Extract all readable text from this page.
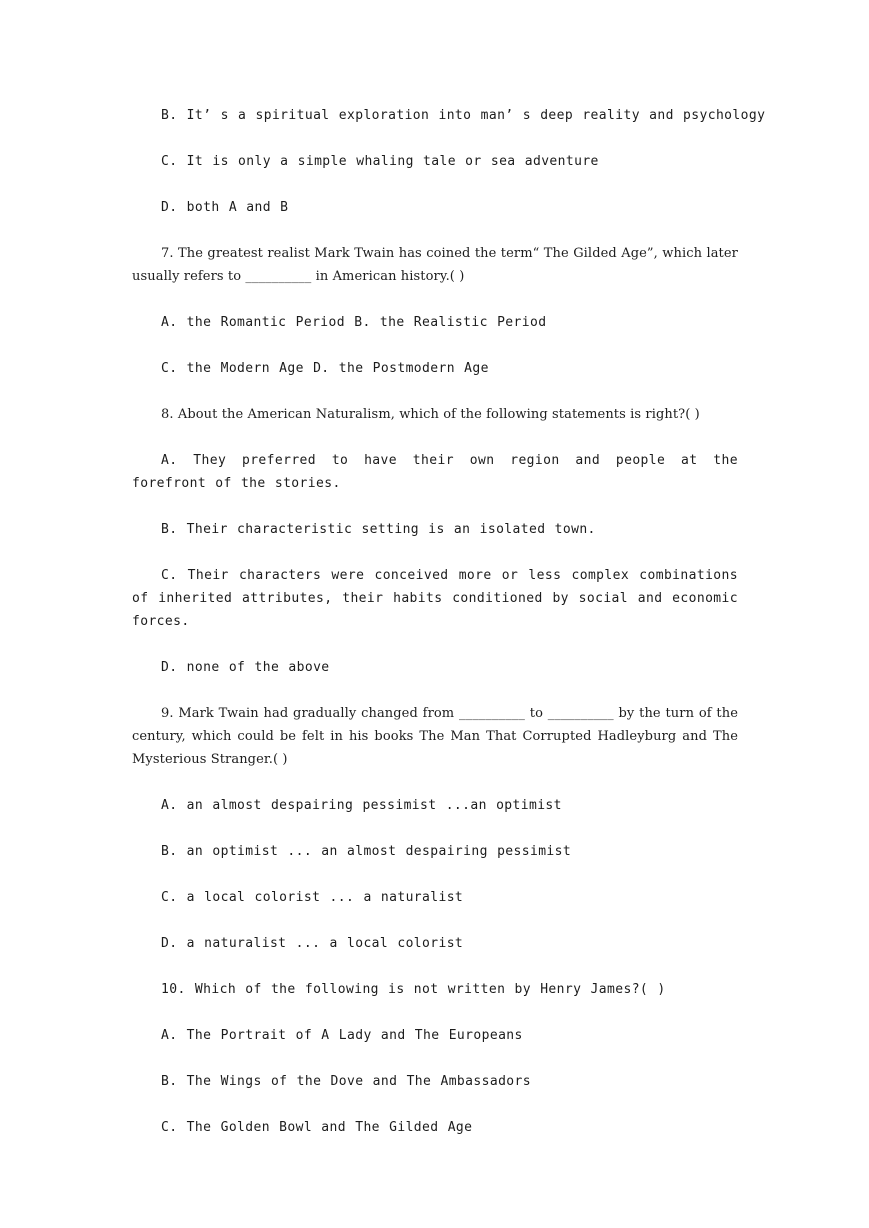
B. It’ s a spiritual exploration into man’ s deep reality and psychology

C. It is only a simple whaling tale or sea adventure

D. both A and B

7. The greatest realist Mark Twain has coined the term“ The Gilded Age”, which later usually refers to __________ in American history.( )

A. the Romantic Period B. the Realistic Period

C. the Modern Age D. the Postmodern Age

8. About the American Naturalism, which of the following statements is right?( )

A. They preferred to have their own region and people at the forefront of the stories.

B. Their characteristic setting is an isolated town.

C. Their characters were conceived more or less complex combinations of inherited attributes, their habits conditioned by social and economic forces.

D. none of the above

9. Mark Twain had gradually changed from __________ to __________ by the turn of the century, which could be felt in his books The Man That Corrupted Hadleyburg and The Mysterious Stranger.( )

A. an almost despairing pessimist ...an optimist

B. an optimist ... an almost despairing pessimist

C. a local colorist ... a naturalist

D. a naturalist ... a local colorist

10. Which of the following is not written by Henry James?( )

A. The Portrait of A Lady and The Europeans

B. The Wings of the Dove and The Ambassadors

C. The Golden Bowl and The Gilded Age
